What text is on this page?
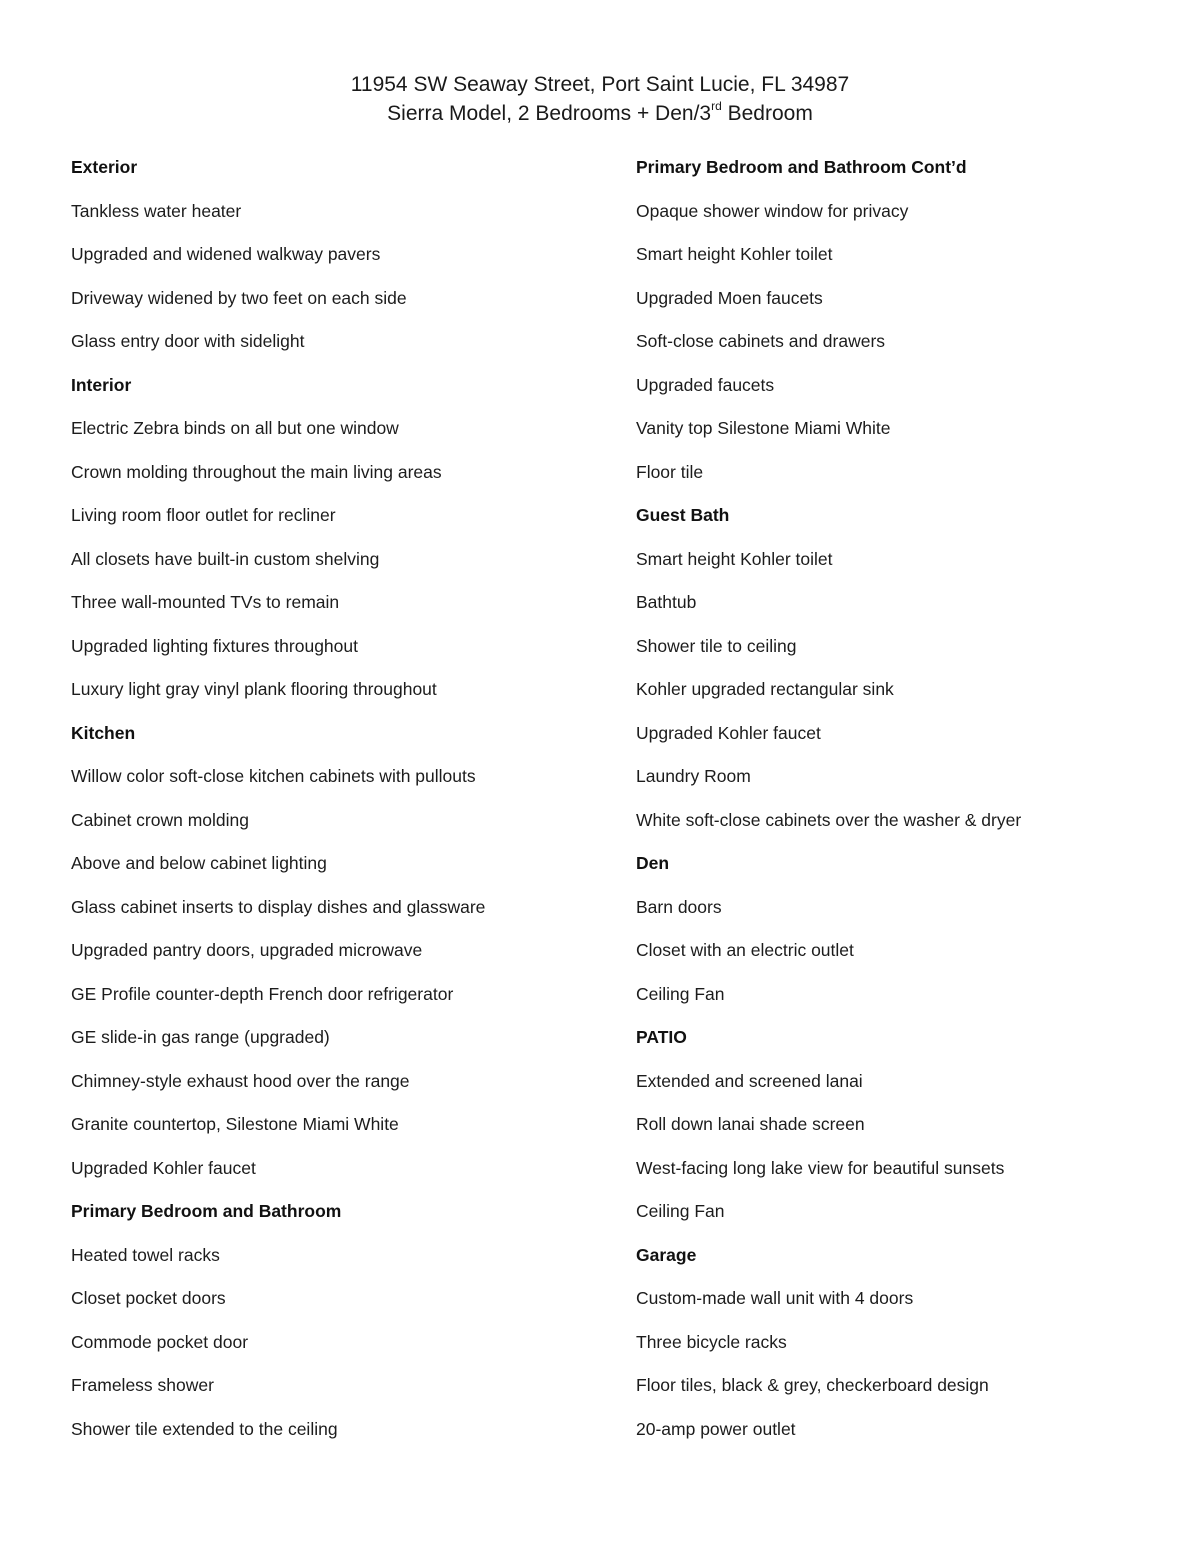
11954 SW Seaway Street, Port Saint Lucie, FL 34987
Sierra Model, 2 Bedrooms + Den/3rd Bedroom
Exterior
Tankless water heater
Upgraded and widened walkway pavers
Driveway widened by two feet on each side
Glass entry door with sidelight
Interior
Electric Zebra binds on all but one window
Crown molding throughout the main living areas
Living room floor outlet for recliner
All closets have built-in custom shelving
Three wall-mounted TVs to remain
Upgraded lighting fixtures throughout
Luxury light gray vinyl plank flooring throughout
Kitchen
Willow color soft-close kitchen cabinets with pullouts
Cabinet crown molding
Above and below cabinet lighting
Glass cabinet inserts to display dishes and glassware
Upgraded pantry doors, upgraded microwave
GE Profile counter-depth French door refrigerator
GE slide-in gas range (upgraded)
Chimney-style exhaust hood over the range
Granite countertop, Silestone Miami White
Upgraded Kohler faucet
Primary Bedroom and Bathroom
Heated towel racks
Closet pocket doors
Commode pocket door
Frameless shower
Shower tile extended to the ceiling
Primary Bedroom and Bathroom Cont’d
Opaque shower window for privacy
Smart height Kohler toilet
Upgraded Moen faucets
Soft-close cabinets and drawers
Upgraded faucets
Vanity top Silestone Miami White
Floor tile
Guest Bath
Smart height Kohler toilet
Bathtub
Shower tile to ceiling
Kohler upgraded rectangular sink
Upgraded Kohler faucet
Laundry Room
White soft-close cabinets over the washer & dryer
Den
Barn doors
Closet with an electric outlet
Ceiling Fan
PATIO
Extended and screened lanai
Roll down lanai shade screen
West-facing long lake view for beautiful sunsets
Ceiling Fan
Garage
Custom-made wall unit with 4 doors
Three bicycle racks
Floor tiles, black & grey, checkerboard design
20-amp power outlet
